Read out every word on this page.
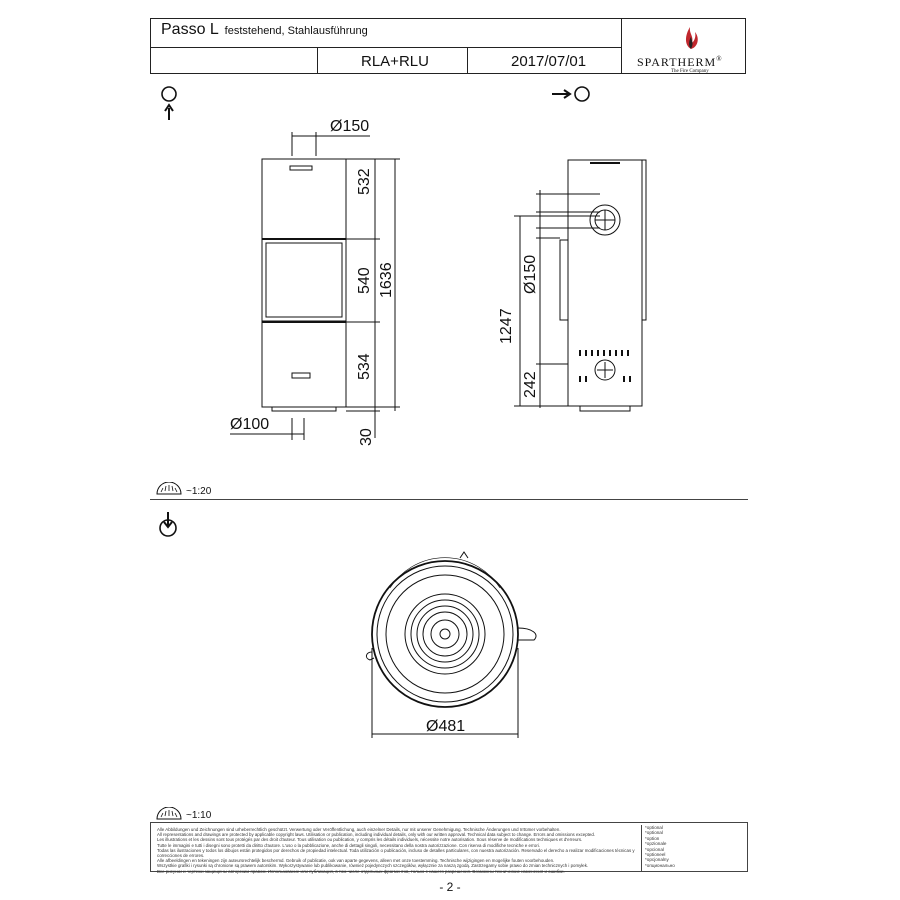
Passo L feststehend, Stahlausführung
RLA+RLU	2017/07/01	SPARTHERM®
The Fire Company
Ø150
532
540 1636
534
Ø100
30
Ø150
1247
242
~1:20
Ø481
~1:10
Alle Abbildungen und Zeichnungen sind urheberrechtlich geschützt. Verwertung oder Veröffentlichung, auch einzelner Details, nur mit unserer Genehmigung. Technische Änderungen und Irrtümer vorbehalten.
All representations and drawings are protected by applicable copyright laws. Utilisation or publication, including individual details, only with our written approval. Technical data subject to change. Errors and omissions excepted.
Les illustrations et les dessins sont tous protégés par des droit d'auteur. Tous utilisation ou publication, y compris les détails individuels, nécessite notre autorisation. Sous réserve de modifications techniques et d'erreurs.
Tutte le immagini e tutti i disegni sono protetti da diritto d'autore. L'uso o la pubblicazione, anche di dettagli singoli, necessitano della nostra autorizzazione. Con riserva di modifiche tecniche e errori.
Todas las ilustraciones y todos los dibujos están protegidos por derechos de propiedad intelectual. Toda utilización o publicación, incluso de detalles particulares, con nuestra autorización. Reservado el derecho a realizar modificaciones técnicas y correcciones de errores.
Alle afbeeldingen en tekeningen zijn auteursrechtelijk beschermd. Gebruik of publicatie, ook van aparte gegevens, alleen met onze toestemming. Technische wijzigingen en mogelijke fouten voorbehouden.
Wszystkie grafiki i rysunki są chronione są prawem autorskim. Wykorzystywanie lub publikowanie, również pojedynczych szczegółów, wyłącznie za naszą zgodą. Zastrzegamy sobie prawo do zmian technicznych i pomyłek.
Все рисунки и чертежи защищены авторским правом. Использование или публикация, в том числе отдельных фрагментов, только с нашего разрешения. Возможны технические изменения и ошибки.
*optional
*optional
*option
*opzionale
*opcional
*optioneel
*opcjonalny
*опционально
- 2 -
